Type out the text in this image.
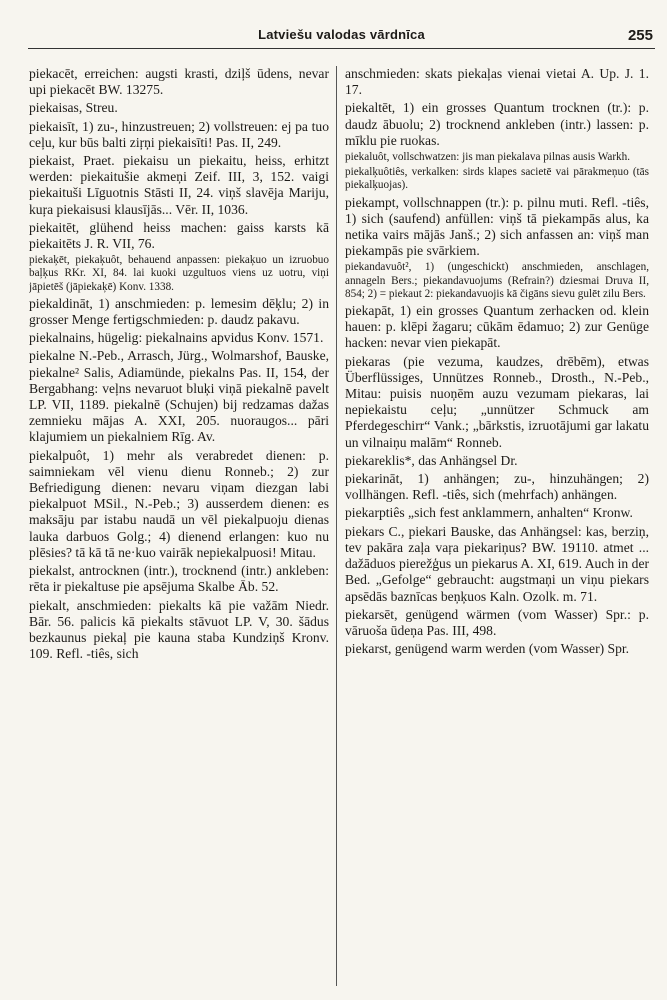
Latviešu valodas vārdnīca	255

piekacēt, erreichen: augsti krasti, dziļš ūdens, nevar upi piekacēt BW. 13275.

piekaisas, Streu.

piekaisīt, 1) zu-, hinzustreuen; 2) vollstreuen: ej pa tuo ceļu, kur būs balti ziŗņi piekaisīti! Pas. II, 249.

piekaist, Praet. piekaisu un piekaitu, heiss, erhitzt werden: piekaitušie akmeņi Zeif. III, 3, 152. vaigi piekaituši Līguotnis Stāsti II, 24. viņš slavēja Mariju, kuŗa piekaisusi klausījās... Vēr. II, 1036.

piekaitēt, glühend heiss machen: gaiss karsts kā piekaitēts J. R. VII, 76.

piekaķēt, piekaķuôt, behauend anpassen: piekaķuo un izruobuo baļķus RKr. XI, 84. lai kuoki uzgultuos viens uz uotru, viņi jāpietēš (jāpiekaķē) Konv. 1338.

piekaldināt, 1) anschmieden: p. lemesim dēķlu; 2) in grosser Menge fertigschmieden: p. daudz pakavu.

piekalnains, hügelig: piekalnains apvidus Konv. 1571.

piekalne N.-Peb., Arrasch, Jürg., Wolmarshof, Bauske, piekalne² Salis, Adiamünde, piekalns Pas. II, 154, der Bergabhang: veļns nevaruot bluķi viņā piekalnē pavelt LP. VII, 1189. piekalnē (Schujen) bij redzamas dažas zemnieku mājas A. XXI, 205. nuoraugos... pāri klajumiem un piekalniem Rīg. Av.

piekalpuôt, 1) mehr als verabredet dienen: p. saimniekam vēl vienu dienu Ronneb.; 2) zur Befriedigung dienen: nevaru viņam diezgan labi piekalpuot MSil., N.-Peb.; 3) ausserdem dienen: es maksāju par istabu naudā un vēl piekalpuoju dienas lauka darbuos Golg.; 4) dienend erlangen: kuo nu plēsies? tā kā tā ne·kuo vairāk nepiekalpuosi! Mitau.

piekalst, antrocknen (intr.), trocknend (intr.) ankleben: rēta ir piekaltuse pie apsējuma Skalbe Āb. 52.

piekalt, anschmieden: piekalts kā pie važām Niedr. Bār. 56. palicis kā piekalts stāvuot LP. V, 30. šādus bezkaunus piekaļ pie kauna staba Kundziņš Kronv. 109. Refl. -tiês, sich

anschmieden: skats piekaļas vienai vietai A. Up. J. 1. 17.

piekaltēt, 1) ein grosses Quantum trocknen (tr.): p. daudz ābuolu; 2) trocknend ankleben (intr.) lassen: p. mīklu pie ruokas.

piekaluôt, vollschwatzen: jis man piekalava pilnas ausis Warkh.

piekalķuôtiês, verkalken: sirds klapes sacietē vai pārakmeņuo (tās piekalķuojas).

piekampt, vollschnappen (tr.): p. pilnu muti. Refl. -tiês, 1) sich (saufend) anfüllen: viņš tā piekampās alus, ka netika vairs mājās Janš.; 2) sich anfassen an: viņš man piekampās pie svārkiem.

piekandavuôt², 1) (ungeschickt) anschmieden, anschlagen, annageln Bers.; piekandavuojums (Refrain?) dziesmai Druva II, 854; 2) = piekaut 2: piekandavuojis kā čigāns sievu gulēt zilu Bers.

piekapāt, 1) ein grosses Quantum zerhacken od. klein hauen: p. klēpi žagaru; cūkām ēdamuo; 2) zur Genüge hacken: nevar vien piekapāt.

piekaras (pie vezuma, kaudzes, drēbēm), etwas Überflüssiges, Unnützes Ronneb., Drosth., N.-Peb., Mitau: puisis nuoņēm auzu vezumam piekaras, lai nepiekaistu ceļu; „unnützer Schmuck am Pferdegeschirr“ Vank.; „bārkstis, izruotājumi gar lakatu un vilnaiņu malām“ Ronneb.

piekareklis*, das Anhängsel Dr.

piekarināt, 1) anhängen; zu-, hinzuhängen; 2) vollhängen. Refl. -tiês, sich (mehrfach) anhängen.

piekarptiês „sich fest anklammern, anhalten“ Kronw.

piekars C., piekari Bauske, das Anhängsel: kas, berziņ, tev pakāra zaļa vaŗa piekariņus? BW. 19110. atmet ... dažāduos pierežģus un piekarus A. XI, 619. Auch in der Bed. „Gefolge“ gebraucht: augstmaņi un viņu piekars apsēdās baznīcas beņķuos Kaln. Ozolk. m. 71.

piekarsēt, genügend wärmen (vom Wasser) Spr.: p. vāruoša ūdeņa Pas. III, 498.

piekarst, genügend warm werden (vom Wasser) Spr.
